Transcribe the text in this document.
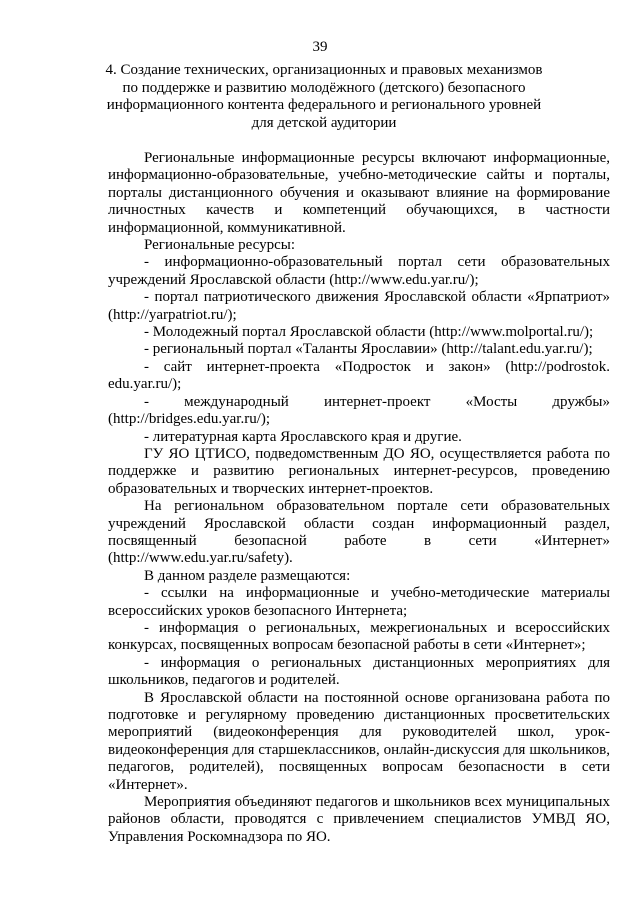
39
4. Создание технических, организационных и правовых механизмов
по поддержке и развитию молодёжного (детского) безопасного
информационного контента федерального и регионального уровней
для детской аудитории

Региональные информационные ресурсы включают информационные, информационно-образовательные, учебно-методические сайты и порталы, порталы дистанционного обучения и оказывают влияние на формирование личностных качеств и компетенций обучающихся, в частности информационной, коммуникативной.

Региональные ресурсы:

- информационно-образовательный портал сети образовательных учреждений Ярославской области (http://www.edu.yar.ru/);

- портал патриотического движения Ярославской области «Ярпатриот» (http://yarpatriot.ru/);

- Молодежный портал Ярославской области (http://www.molportal.ru/);

- региональный портал «Таланты Ярославии» (http://talant.edu.yar.ru/);

- сайт интернет-проекта «Подросток и закон» (http://podrostok. edu.yar.ru/);

- международный интернет-проект «Мосты дружбы» (http://bridges.edu.yar.ru/);

- литературная карта Ярославского края и другие.

ГУ ЯО ЦТИСО, подведомственным ДО ЯО, осуществляется работа по поддержке и развитию региональных интернет-ресурсов, проведению образовательных и творческих интернет-проектов.

На региональном образовательном портале сети образовательных учреждений Ярославской области создан информационный раздел, посвященный безопасной работе в сети «Интернет» (http://www.edu.yar.ru/safety).

В данном разделе размещаются:

- ссылки на информационные и учебно-методические материалы всероссийских уроков безопасного Интернета;

- информация о региональных, межрегиональных и всероссийских конкурсах, посвященных вопросам безопасной работы в сети «Интернет»;

- информация о региональных дистанционных мероприятиях для школьников, педагогов и родителей.

В Ярославской области на постоянной основе организована работа по подготовке и регулярному проведению дистанционных просветительских мероприятий (видеоконференция для руководителей школ, урок-видеоконференция для старшеклассников, онлайн-дискуссия для школьников, педагогов, родителей), посвященных вопросам безопасности в сети «Интернет».

Мероприятия объединяют педагогов и школьников всех муниципальных районов области, проводятся с привлечением специалистов УМВД ЯО, Управления Роскомнадзора по ЯО.
